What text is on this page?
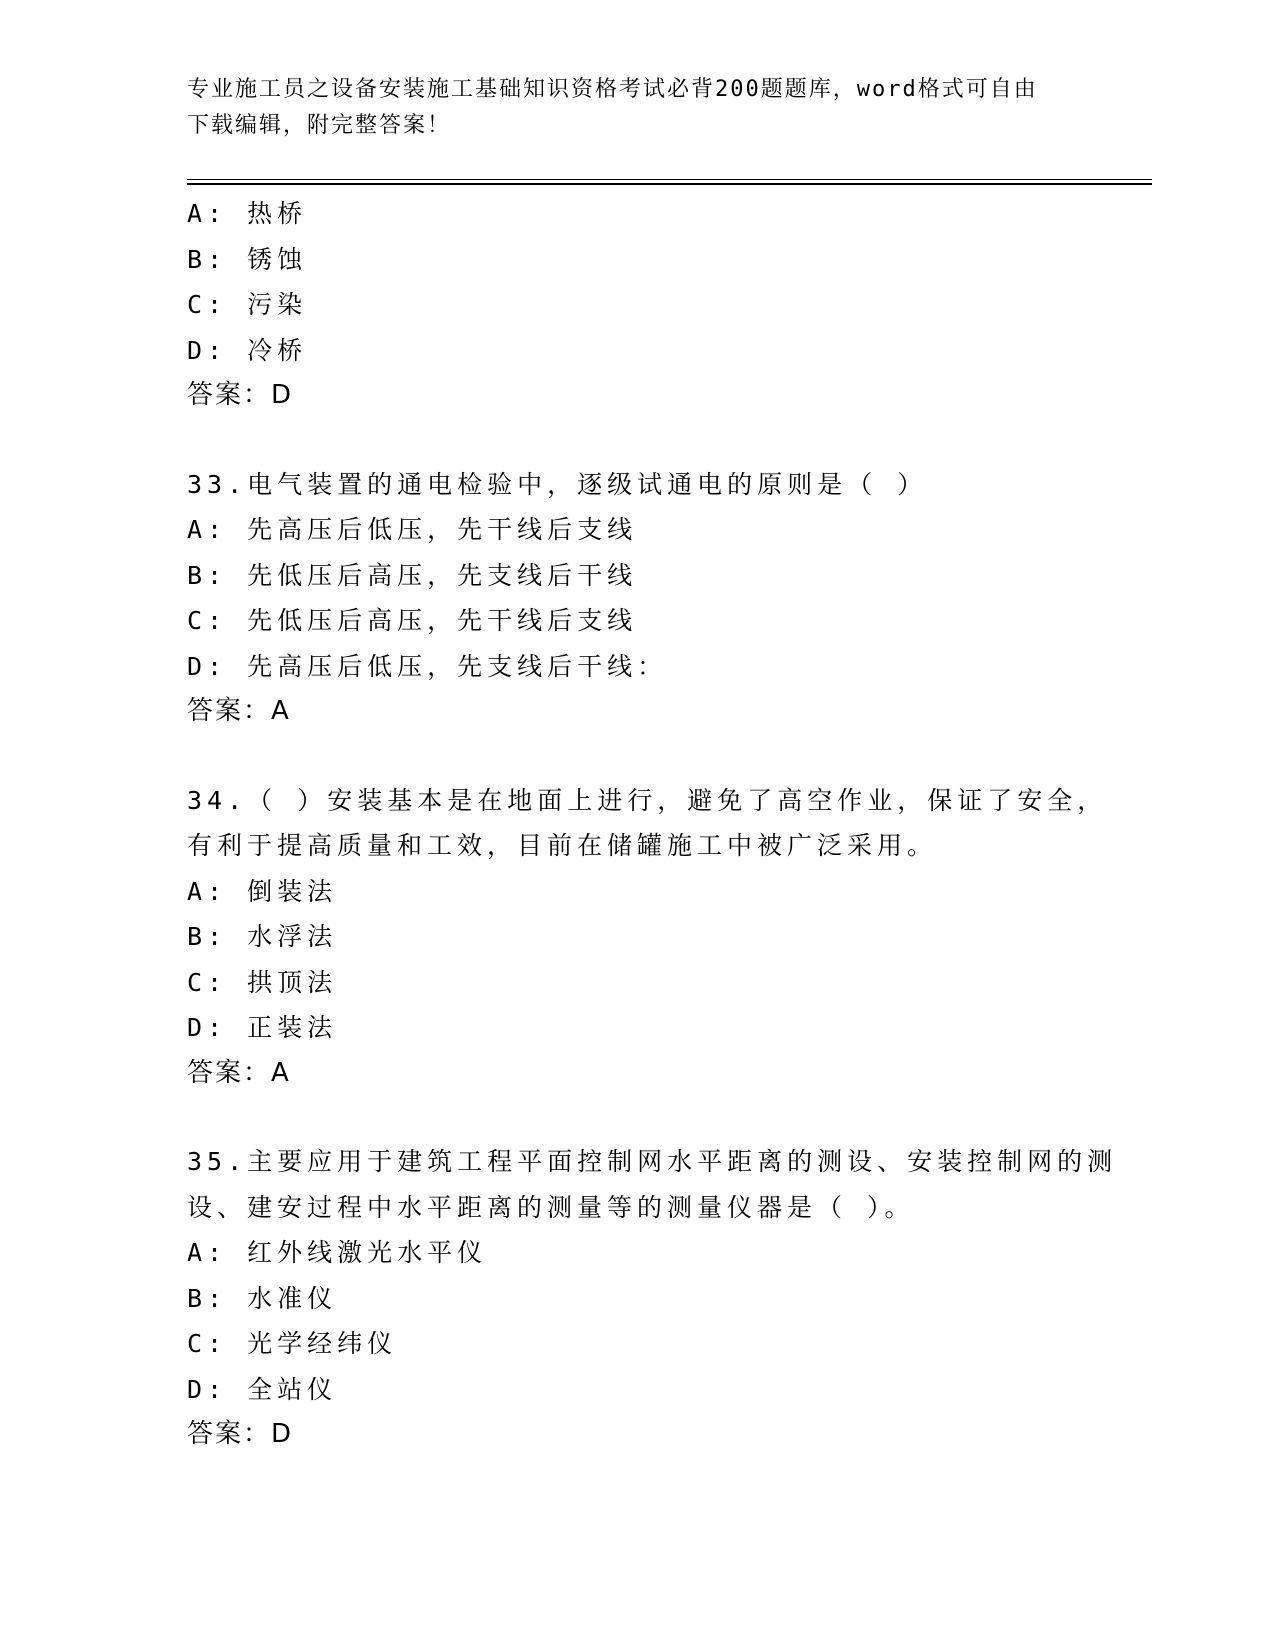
专业施工员之设备安装施工基础知识资格考试必背200题题库，word格式可自由
下载编辑，附完整答案！
A: 热桥
B: 锈蚀
C: 污染
D: 冷桥
答案：D
33.电气装置的通电检验中，逐级试通电的原则是（ ）
A: 先高压后低压，先干线后支线
B: 先低压后高压，先支线后干线
C: 先低压后高压，先干线后支线
D: 先高压后低压，先支线后干线：
答案：A
34.（ ）安装基本是在地面上进行，避免了高空作业，保证了安全，
有利于提高质量和工效，目前在储罐施工中被广泛采用。
A: 倒装法
B: 水浮法
C: 拱顶法
D: 正装法
答案：A
35.主要应用于建筑工程平面控制网水平距离的测设、安装控制网的测
设、建安过程中水平距离的测量等的测量仪器是（ ）。
A: 红外线激光水平仪
B: 水准仪
C: 光学经纬仪
D: 全站仪
答案：D
